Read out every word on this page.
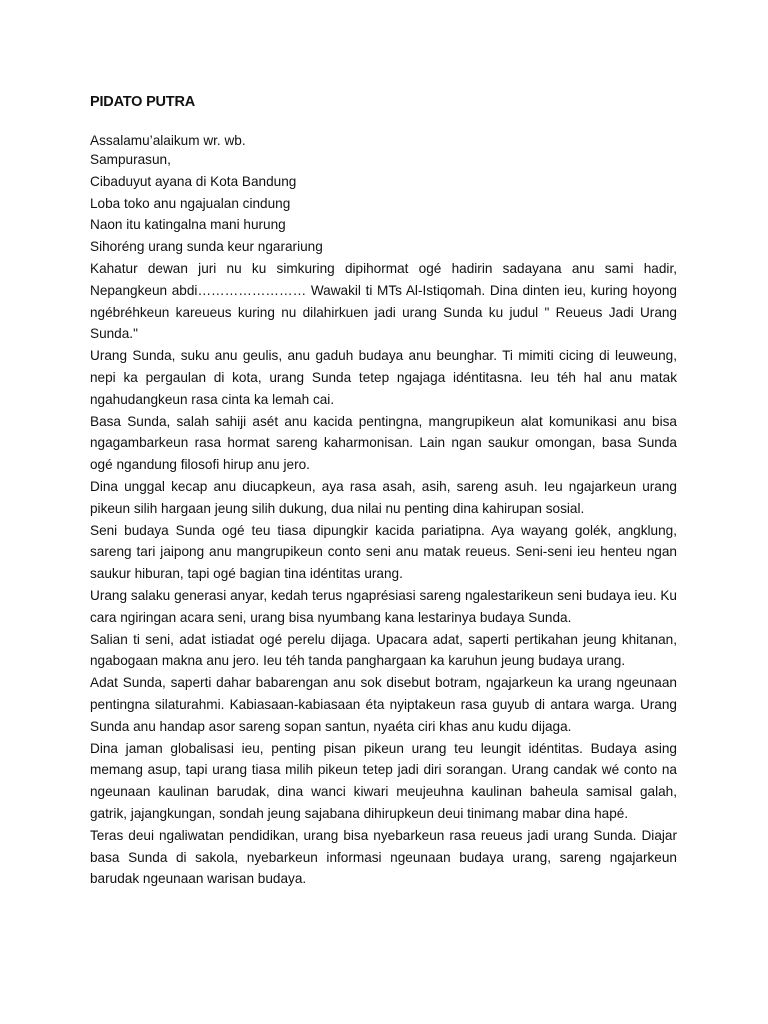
PIDATO PUTRA

Assalamu’alaikum wr. wb.

Sampurasun,

Cibaduyut ayana di Kota Bandung

Loba toko anu ngajualan cindung

Naon itu katingalna mani hurung

Sihoréng urang sunda keur ngarariung

Kahatur dewan juri nu ku simkuring dipihormat ogé hadirin sadayana anu sami hadir, Nepangkeun abdi…………………… Wawakil ti MTs Al-Istiqomah. Dina dinten ieu, kuring hoyong ngébréhkeun kareueus kuring nu dilahirkuen jadi urang Sunda ku judul " Reueus Jadi Urang Sunda."

Urang Sunda, suku anu geulis, anu gaduh budaya anu beunghar. Ti mimiti cicing di leuweung, nepi ka pergaulan di kota, urang Sunda tetep ngajaga idéntitasna. Ieu téh hal anu matak ngahudangkeun rasa cinta ka lemah cai.

Basa Sunda, salah sahiji asét anu kacida pentingna, mangrupikeun alat komunikasi anu bisa ngagambarkeun rasa hormat sareng kaharmonisan. Lain ngan saukur omongan, basa Sunda ogé ngandung filosofi hirup anu jero.

Dina unggal kecap anu diucapkeun, aya rasa asah, asih, sareng asuh. Ieu ngajarkeun urang pikeun silih hargaan jeung silih dukung, dua nilai nu penting dina kahirupan sosial.

Seni budaya Sunda ogé teu tiasa dipungkir kacida pariatipna. Aya wayang golék, angklung, sareng tari jaipong anu mangrupikeun conto seni anu matak reueus. Seni-seni ieu henteu ngan saukur hiburan, tapi ogé bagian tina idéntitas urang.

Urang salaku generasi anyar, kedah terus ngaprésiasi sareng ngalestarikeun seni budaya ieu. Ku cara ngiringan acara seni, urang bisa nyumbang kana lestarinya budaya Sunda.

Salian ti seni, adat istiadat ogé perelu dijaga. Upacara adat, saperti pertikahan jeung khitanan, ngabogaan makna anu jero. Ieu téh tanda panghargaan ka karuhun jeung budaya urang.

Adat Sunda, saperti dahar babarengan anu sok disebut botram, ngajarkeun ka urang ngeunaan pentingna silaturahmi. Kabiasaan-kabiasaan éta nyiptakeun rasa guyub di antara warga. Urang Sunda anu handap asor sareng sopan santun, nyaéta ciri khas anu kudu dijaga.

Dina jaman globalisasi ieu, penting pisan pikeun urang teu leungit idéntitas. Budaya asing memang asup, tapi urang tiasa milih pikeun tetep jadi diri sorangan. Urang candak wé conto na ngeunaan kaulinan barudak, dina wanci kiwari meujeuhna kaulinan baheula samisal galah, gatrik, jajangkungan, sondah jeung sajabana dihirupkeun deui tinimang mabar dina hapé.

Teras deui ngaliwatan pendidikan, urang bisa nyebarkeun rasa reueus jadi urang Sunda. Diajar basa Sunda di sakola, nyebarkeun informasi ngeunaan budaya urang, sareng ngajarkeun barudak ngeunaan warisan budaya.
